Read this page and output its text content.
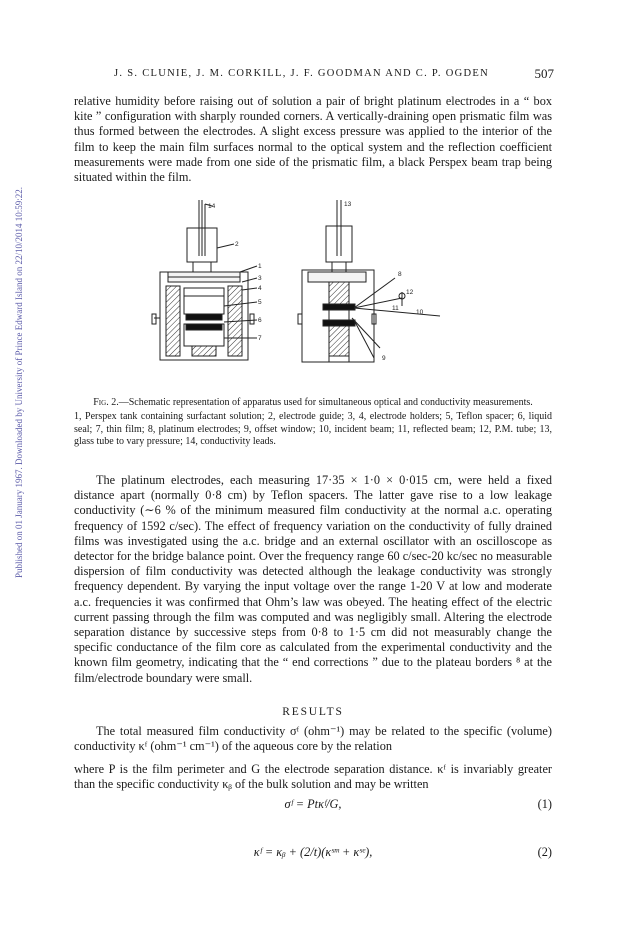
Published on 01 January 1967. Downloaded by University of Prince Edward Island on 22/10/2014 10:59:22.
J. S. CLUNIE, J. M. CORKILL, J. F. GOODMAN AND C. P. OGDEN	507
relative humidity before raising out of solution a pair of bright platinum electrodes in a “ box kite ” configuration with sharply rounded corners. A vertically-draining open prismatic film was thus formed between the electrodes. A slight excess pressure was applied to the interior of the film to keep the main film surfaces normal to the optical system and the reflection coefficient measurements were made from one side of the prismatic film, a black Perspex beam trap being situated within the film.
14	13
2
1
3
4
5
6
7
8
12
11
10
9
Fig. 2.—Schematic representation of apparatus used for simultaneous optical and conductivity measurements.
1, Perspex tank containing surfactant solution; 2, electrode guide; 3, 4, electrode holders; 5, Teflon spacer; 6, liquid seal; 7, thin film; 8, platinum electrodes; 9, offset window; 10, incident beam; 11, reflected beam; 12, P.M. tube; 13, glass tube to vary pressure; 14, conductivity leads.
The platinum electrodes, each measuring 17·35 × 1·0 × 0·015 cm, were held a fixed distance apart (normally 0·8 cm) by Teflon spacers. The latter gave rise to a low leakage conductivity (∼6 % of the minimum measured film conductivity at the normal a.c. operating frequency of 1592 c/sec). The effect of frequency variation on the conductivity of fully drained films was investigated using the a.c. bridge and an external oscillator with an oscilloscope as detector for the bridge balance point. Over the frequency range 60 c/sec-20 kc/sec no measurable dispersion of film conductivity was detected although the leakage conductivity was strongly frequency dependent. By varying the input voltage over the range 1-20 V at low and moderate a.c. frequencies it was confirmed that Ohm’s law was obeyed. The heating effect of the electric current passing through the film was computed and was negligibly small. Altering the electrode separation distance by successive steps from 0·8 to 1·5 cm did not measurably change the specific conductance of the film core as calculated from the experimental conductivity and the known film geometry, indicating that the “ end corrections ” due to the plateau borders ⁸ at the film/electrode boundary were small.
RESULTS
The total measured film conductivity σᶠ (ohm⁻¹) may be related to the specific (volume) conductivity κᶠ (ohm⁻¹ cm⁻¹) of the aqueous core by the relation
σᶠ = Ptκᶠ/G,	(1)
where P is the film perimeter and G the electrode separation distance. κᶠ is invariably greater than the specific conductivity κᵦ of the bulk solution and may be written
κᶠ = κᵦ + (2/t)(κˢᵐ + κˢᵉ),	(2)
